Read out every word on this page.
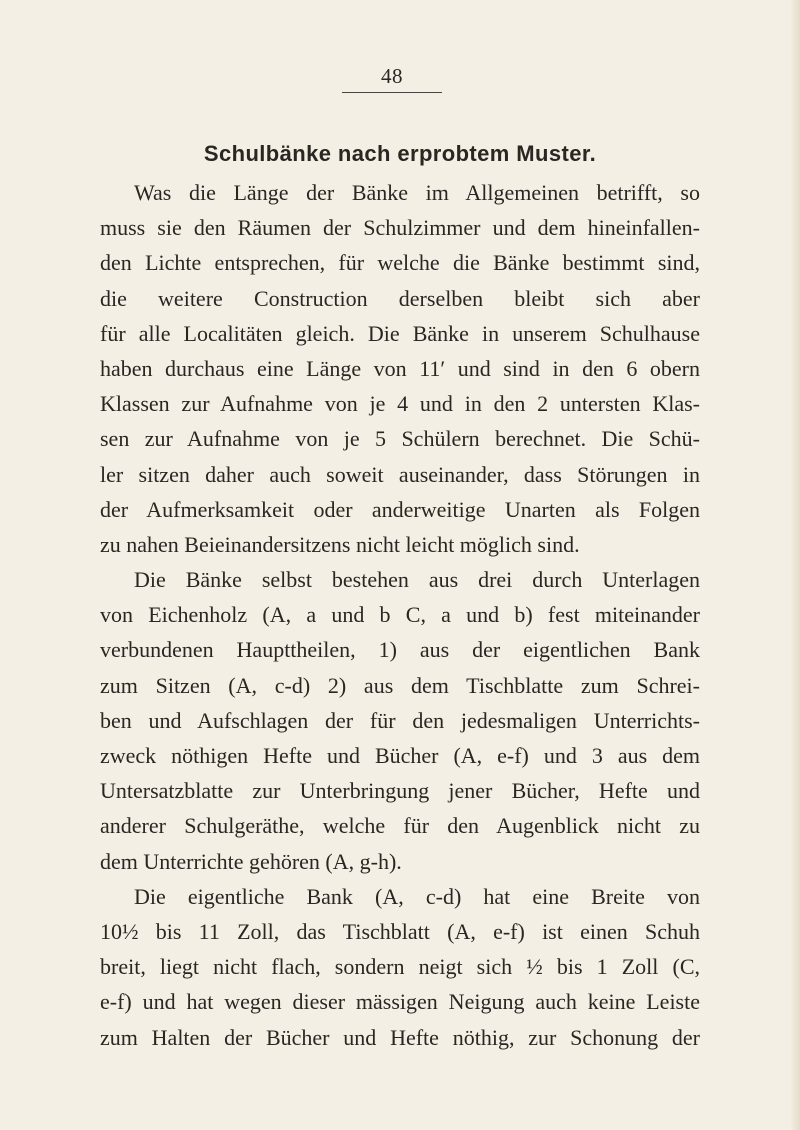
48
Schulbänke nach erprobtem Muster.
Was die Länge der Bänke im Allgemeinen betrifft, so
muss sie den Räumen der Schulzimmer und dem hineinfallen-
den Lichte entsprechen, für welche die Bänke bestimmt sind,
die weitere Construction derselben bleibt sich aber
für alle Localitäten gleich. Die Bänke in unserem Schulhause
haben durchaus eine Länge von 11′ und sind in den 6 obern
Klassen zur Aufnahme von je 4 und in den 2 untersten Klas-
sen zur Aufnahme von je 5 Schülern berechnet. Die Schü-
ler sitzen daher auch soweit auseinander, dass Störungen in
der Aufmerksamkeit oder anderweitige Unarten als Folgen
zu nahen Beieinandersitzens nicht leicht möglich sind.
Die Bänke selbst bestehen aus drei durch Unterlagen
von Eichenholz (A, a und b C, a und b) fest miteinander
verbundenen Haupttheilen, 1) aus der eigentlichen Bank
zum Sitzen (A, c-d) 2) aus dem Tischblatte zum Schrei-
ben und Aufschlagen der für den jedesmaligen Unterrichts-
zweck nöthigen Hefte und Bücher (A, e-f) und 3 aus dem
Untersatzblatte zur Unterbringung jener Bücher, Hefte und
anderer Schulgeräthe, welche für den Augenblick nicht zu
dem Unterrichte gehören (A, g-h).
Die eigentliche Bank (A, c-d) hat eine Breite von
10½ bis 11 Zoll, das Tischblatt (A, e-f) ist einen Schuh
breit, liegt nicht flach, sondern neigt sich ½ bis 1 Zoll (C,
e-f) und hat wegen dieser mässigen Neigung auch keine Leiste
zum Halten der Bücher und Hefte nöthig, zur Schonung der
